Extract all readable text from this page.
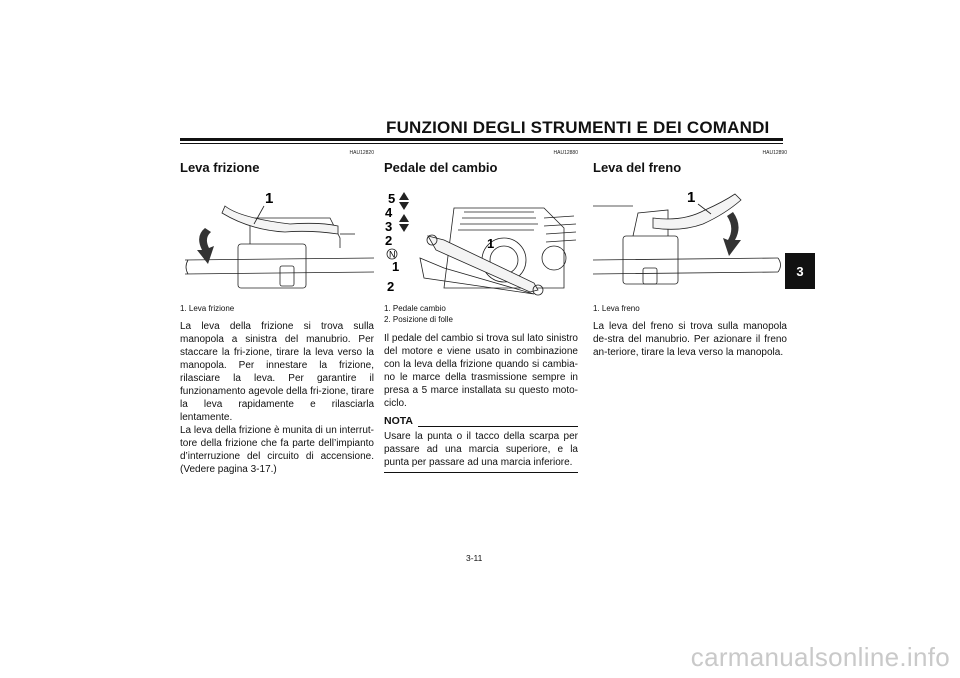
FUNZIONI DEGLI STRUMENTI E DEI COMANDI
3
HAU12820
Leva frizione
1
1. Leva frizione

La leva della frizione si trova sulla manopola a sinistra del manubrio. Per staccare la fri-zione, tirare la leva verso la manopola. Per innestare la frizione, rilasciare la leva. Per garantire il funzionamento agevole della fri-zione, tirare la leva rapidamente e rilasciarla lentamente.

La leva della frizione è munita di un interrut-tore della frizione che fa parte dell’impianto d’interruzione del circuito di accensione. (Vedere pagina 3-17.)

HAU12880
Pedale del cambio
5
4
3
2
N
1
2
1
1. Pedale cambio
2. Posizione di folle

Il pedale del cambio si trova sul lato sinistro del motore e viene usato in combinazione con la leva della frizione quando si cambia-no le marce della trasmissione sempre in presa a 5 marce installata su questo moto-ciclo.

NOTA
Usare la punta o il tacco della scarpa per passare ad una marcia superiore, e la punta per passare ad una marcia inferiore.
HAU12890
Leva del freno
1
1. Leva freno

La leva del freno si trova sulla manopola de-stra del manubrio. Per azionare il freno an-teriore, tirare la leva verso la manopola.

3-11
carmanualsonline.info
